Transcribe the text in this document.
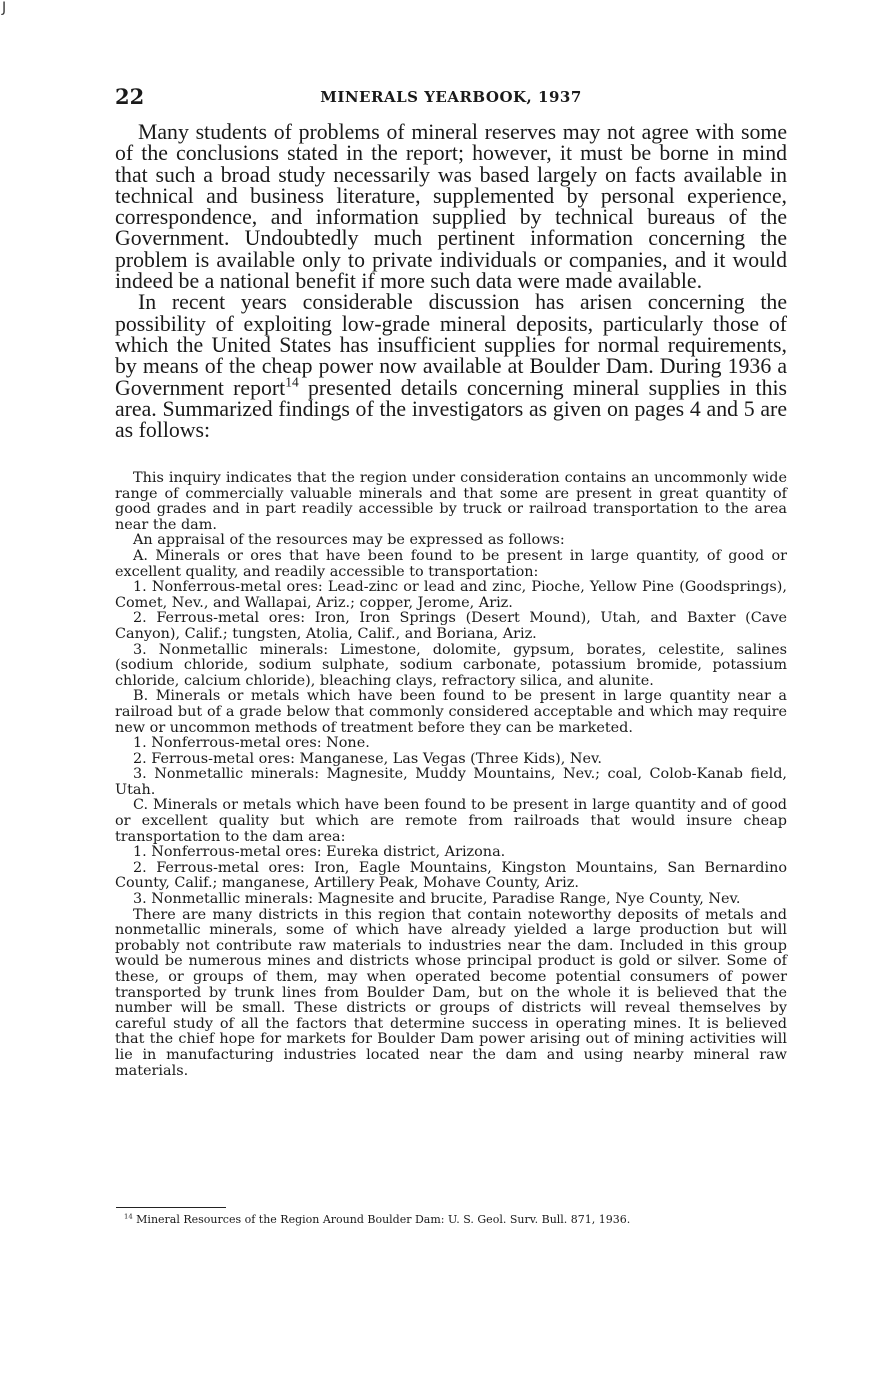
J
22	MINERALS YEARBOOK, 1937

Many students of problems of mineral reserves may not agree with some of the conclusions stated in the report; however, it must be borne in mind that such a broad study necessarily was based largely on facts available in technical and business literature, supplemented by personal experience, correspondence, and information supplied by technical bureaus of the Government. Undoubtedly much pertinent information concerning the problem is available only to private individuals or companies, and it would indeed be a national benefit if more such data were made available.

In recent years considerable discussion has arisen concerning the possibility of exploiting low-grade mineral deposits, particularly those of which the United States has insufficient supplies for normal requirements, by means of the cheap power now available at Boulder Dam. During 1936 a Government report$^{14}$ presented details concerning mineral supplies in this area. Summarized findings of the investigators as given on pages 4 and 5 are as follows:

This inquiry indicates that the region under consideration contains an uncommonly wide range of commercially valuable minerals and that some are present in great quantity of good grades and in part readily accessible by truck or railroad transportation to the area near the dam.

An appraisal of the resources may be expressed as follows:

A. Minerals or ores that have been found to be present in large quantity, of good or excellent quality, and readily accessible to transportation:

1. Nonferrous-metal ores: Lead-zinc or lead and zinc, Pioche, Yellow Pine (Goodsprings), Comet, Nev., and Wallapai, Ariz.; copper, Jerome, Ariz.

2. Ferrous-metal ores: Iron, Iron Springs (Desert Mound), Utah, and Baxter (Cave Canyon), Calif.; tungsten, Atolia, Calif., and Boriana, Ariz.

3. Nonmetallic minerals: Limestone, dolomite, gypsum, borates, celestite, salines (sodium chloride, sodium sulphate, sodium carbonate, potassium bromide, potassium chloride, calcium chloride), bleaching clays, refractory silica, and alunite.

B. Minerals or metals which have been found to be present in large quantity near a railroad but of a grade below that commonly considered acceptable and which may require new or uncommon methods of treatment before they can be marketed.

1. Nonferrous-metal ores: None.

2. Ferrous-metal ores: Manganese, Las Vegas (Three Kids), Nev.

3. Nonmetallic minerals: Magnesite, Muddy Mountains, Nev.; coal, Colob-Kanab field, Utah.

C. Minerals or metals which have been found to be present in large quantity and of good or excellent quality but which are remote from railroads that would insure cheap transportation to the dam area:

1. Nonferrous-metal ores: Eureka district, Arizona.

2. Ferrous-metal ores: Iron, Eagle Mountains, Kingston Mountains, San Bernardino County, Calif.; manganese, Artillery Peak, Mohave County, Ariz.

3. Nonmetallic minerals: Magnesite and brucite, Paradise Range, Nye County, Nev.

There are many districts in this region that contain noteworthy deposits of metals and nonmetallic minerals, some of which have already yielded a large production but will probably not contribute raw materials to industries near the dam. Included in this group would be numerous mines and districts whose principal product is gold or silver. Some of these, or groups of them, may when operated become potential consumers of power transported by trunk lines from Boulder Dam, but on the whole it is believed that the number will be small. These districts or groups of districts will reveal themselves by careful study of all the factors that determine success in operating mines. It is believed that the chief hope for markets for Boulder Dam power arising out of mining activities will lie in manufacturing industries located near the dam and using nearby mineral raw materials.

$^{14}$ Mineral Resources of the Region Around Boulder Dam: U. S. Geol. Surv. Bull. 871, 1936.
